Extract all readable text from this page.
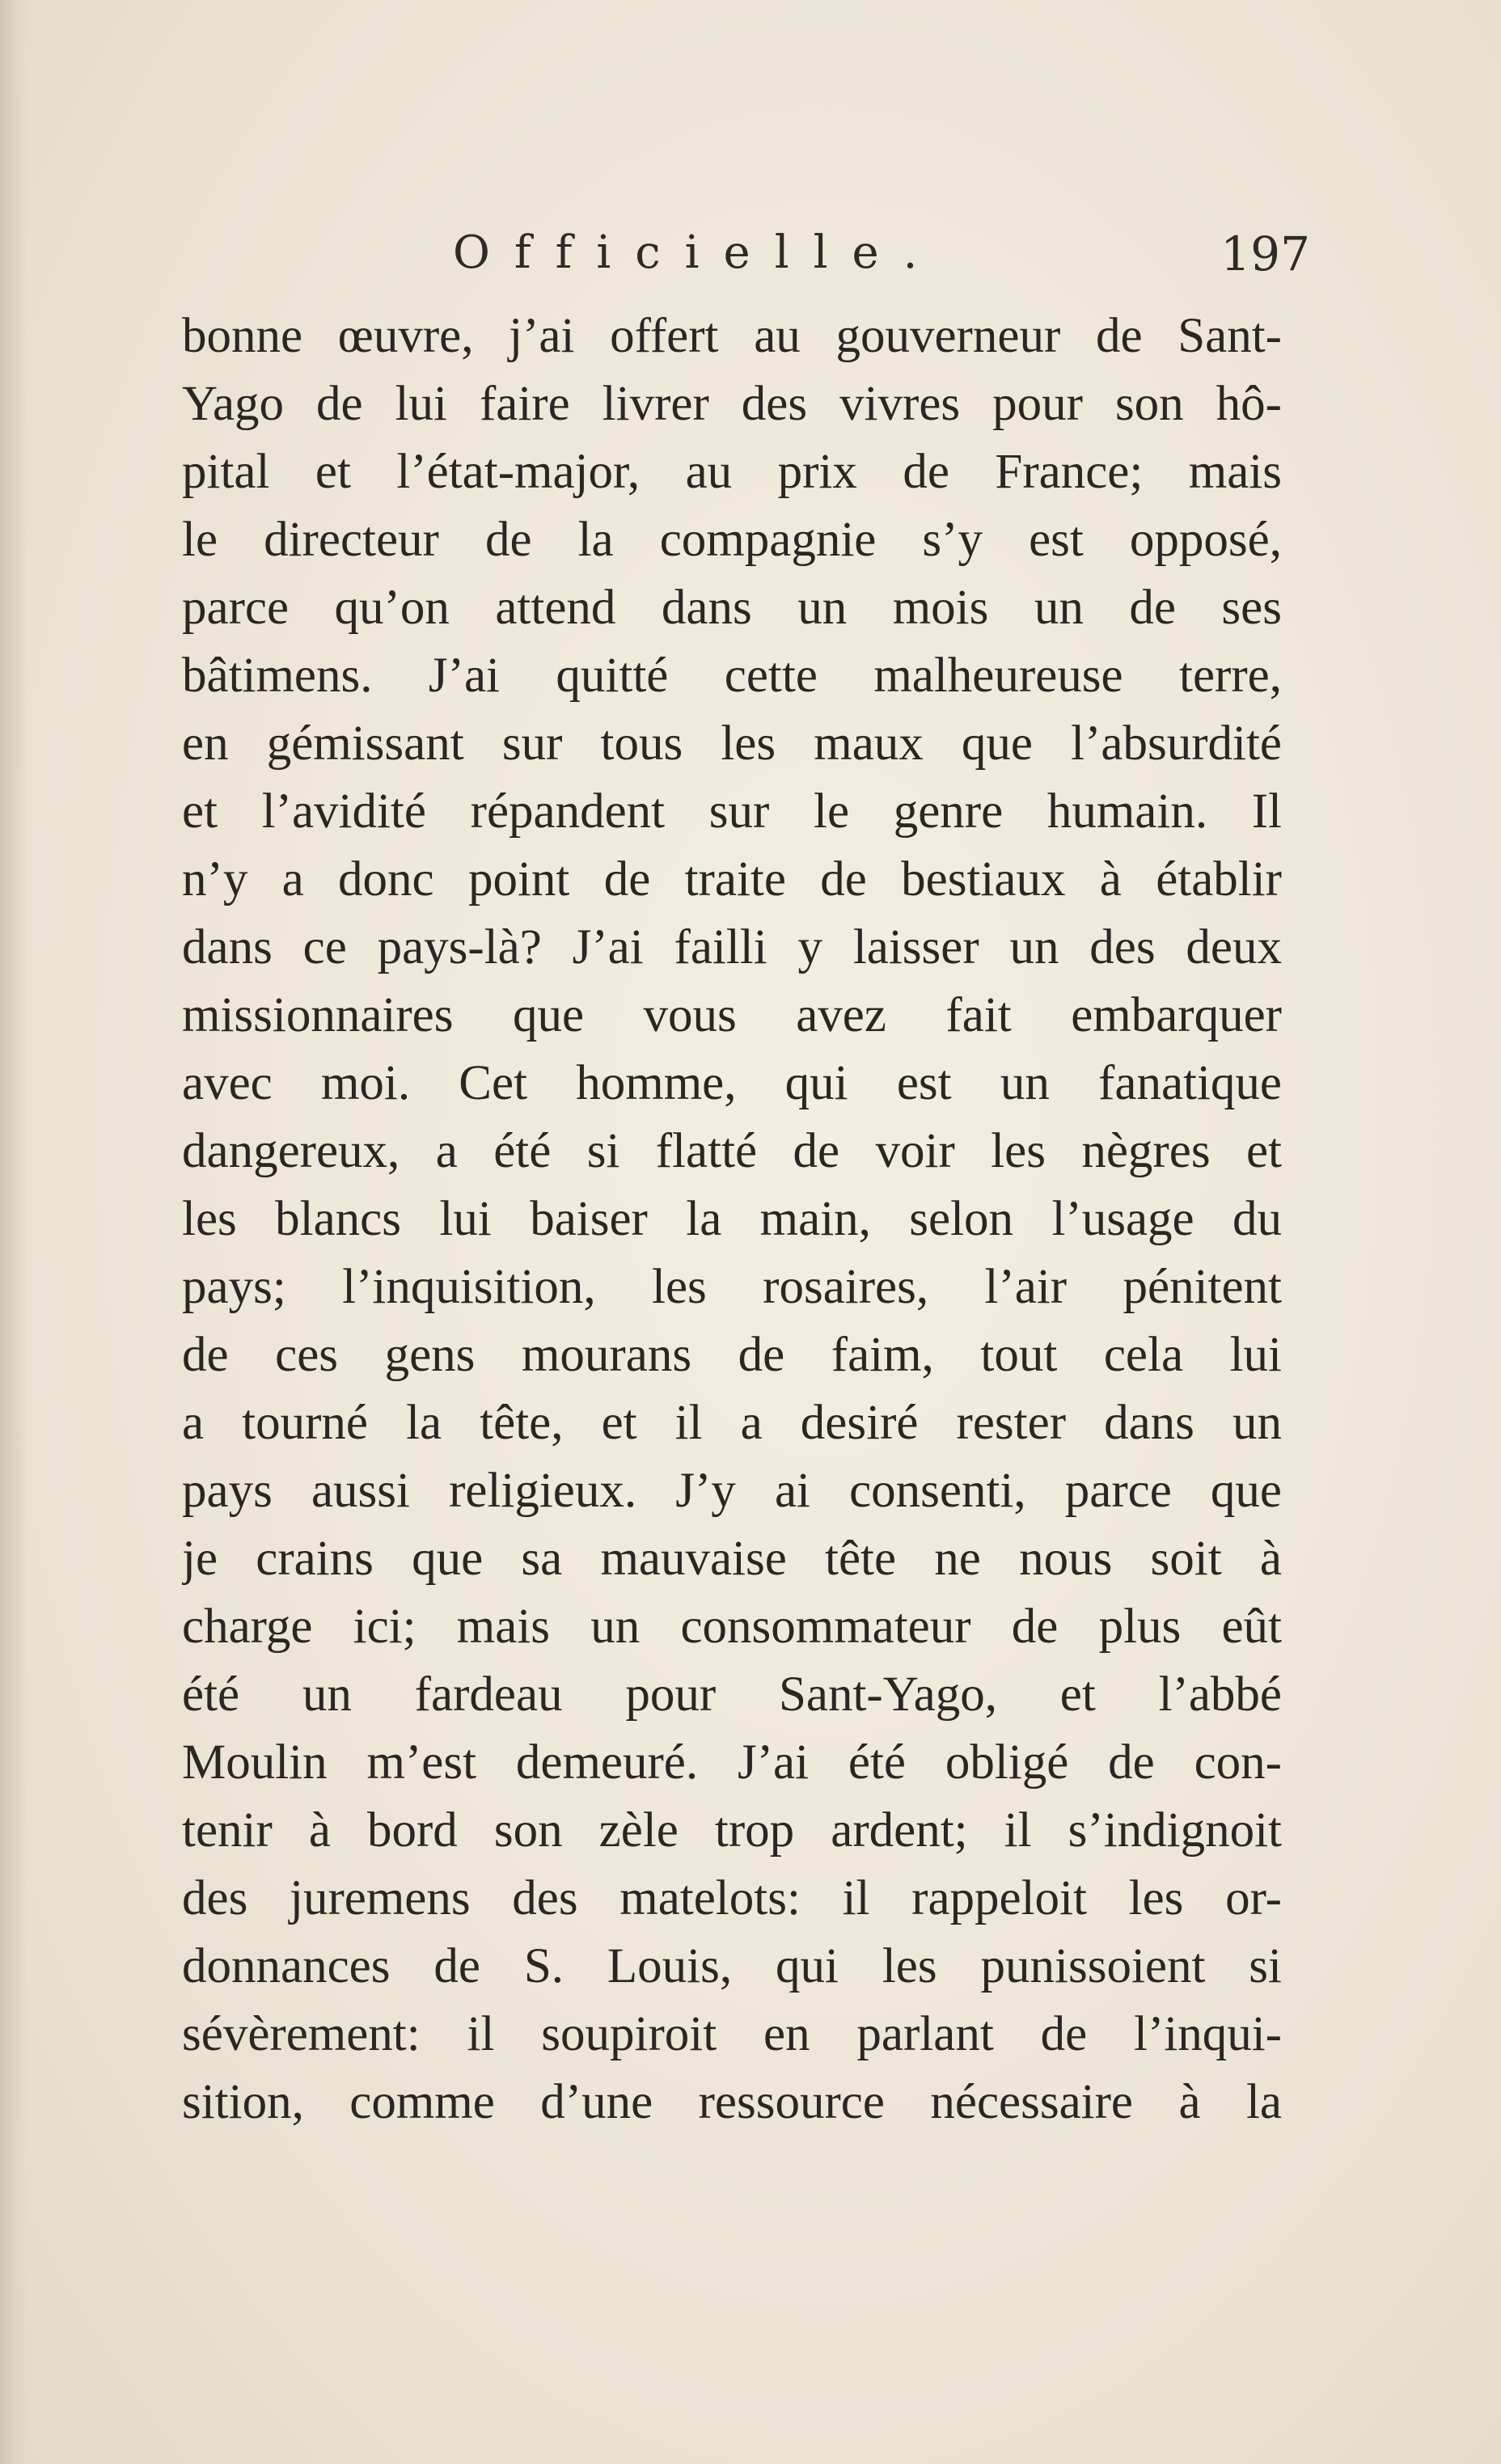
Officielle.	197
bonne œuvre, j’ai offert au gouverneur de Sant-
Yago de lui faire livrer des vivres pour son hô-
pital et l’état-major, au prix de France; mais
le directeur de la compagnie s’y est opposé,
parce qu’on attend dans un mois un de ses
bâtimens. J’ai quitté cette malheureuse terre,
en gémissant sur tous les maux que l’absurdité
et l’avidité répandent sur le genre humain. Il
n’y a donc point de traite de bestiaux à établir
dans ce pays-là? J’ai failli y laisser un des deux
missionnaires que vous avez fait embarquer
avec moi. Cet homme, qui est un fanatique
dangereux, a été si flatté de voir les nègres et
les blancs lui baiser la main, selon l’usage du
pays; l’inquisition, les rosaires, l’air pénitent
de ces gens mourans de faim, tout cela lui
a tourné la tête, et il a desiré rester dans un
pays aussi religieux. J’y ai consenti, parce que
je crains que sa mauvaise tête ne nous soit à
charge ici; mais un consommateur de plus eût
été un fardeau pour Sant-Yago, et l’abbé
Moulin m’est demeuré. J’ai été obligé de con-
tenir à bord son zèle trop ardent; il s’indignoit
des juremens des matelots: il rappeloit les or-
donnances de S. Louis, qui les punissoient si
sévèrement: il soupiroit en parlant de l’inqui-
sition, comme d’une ressource nécessaire à la
